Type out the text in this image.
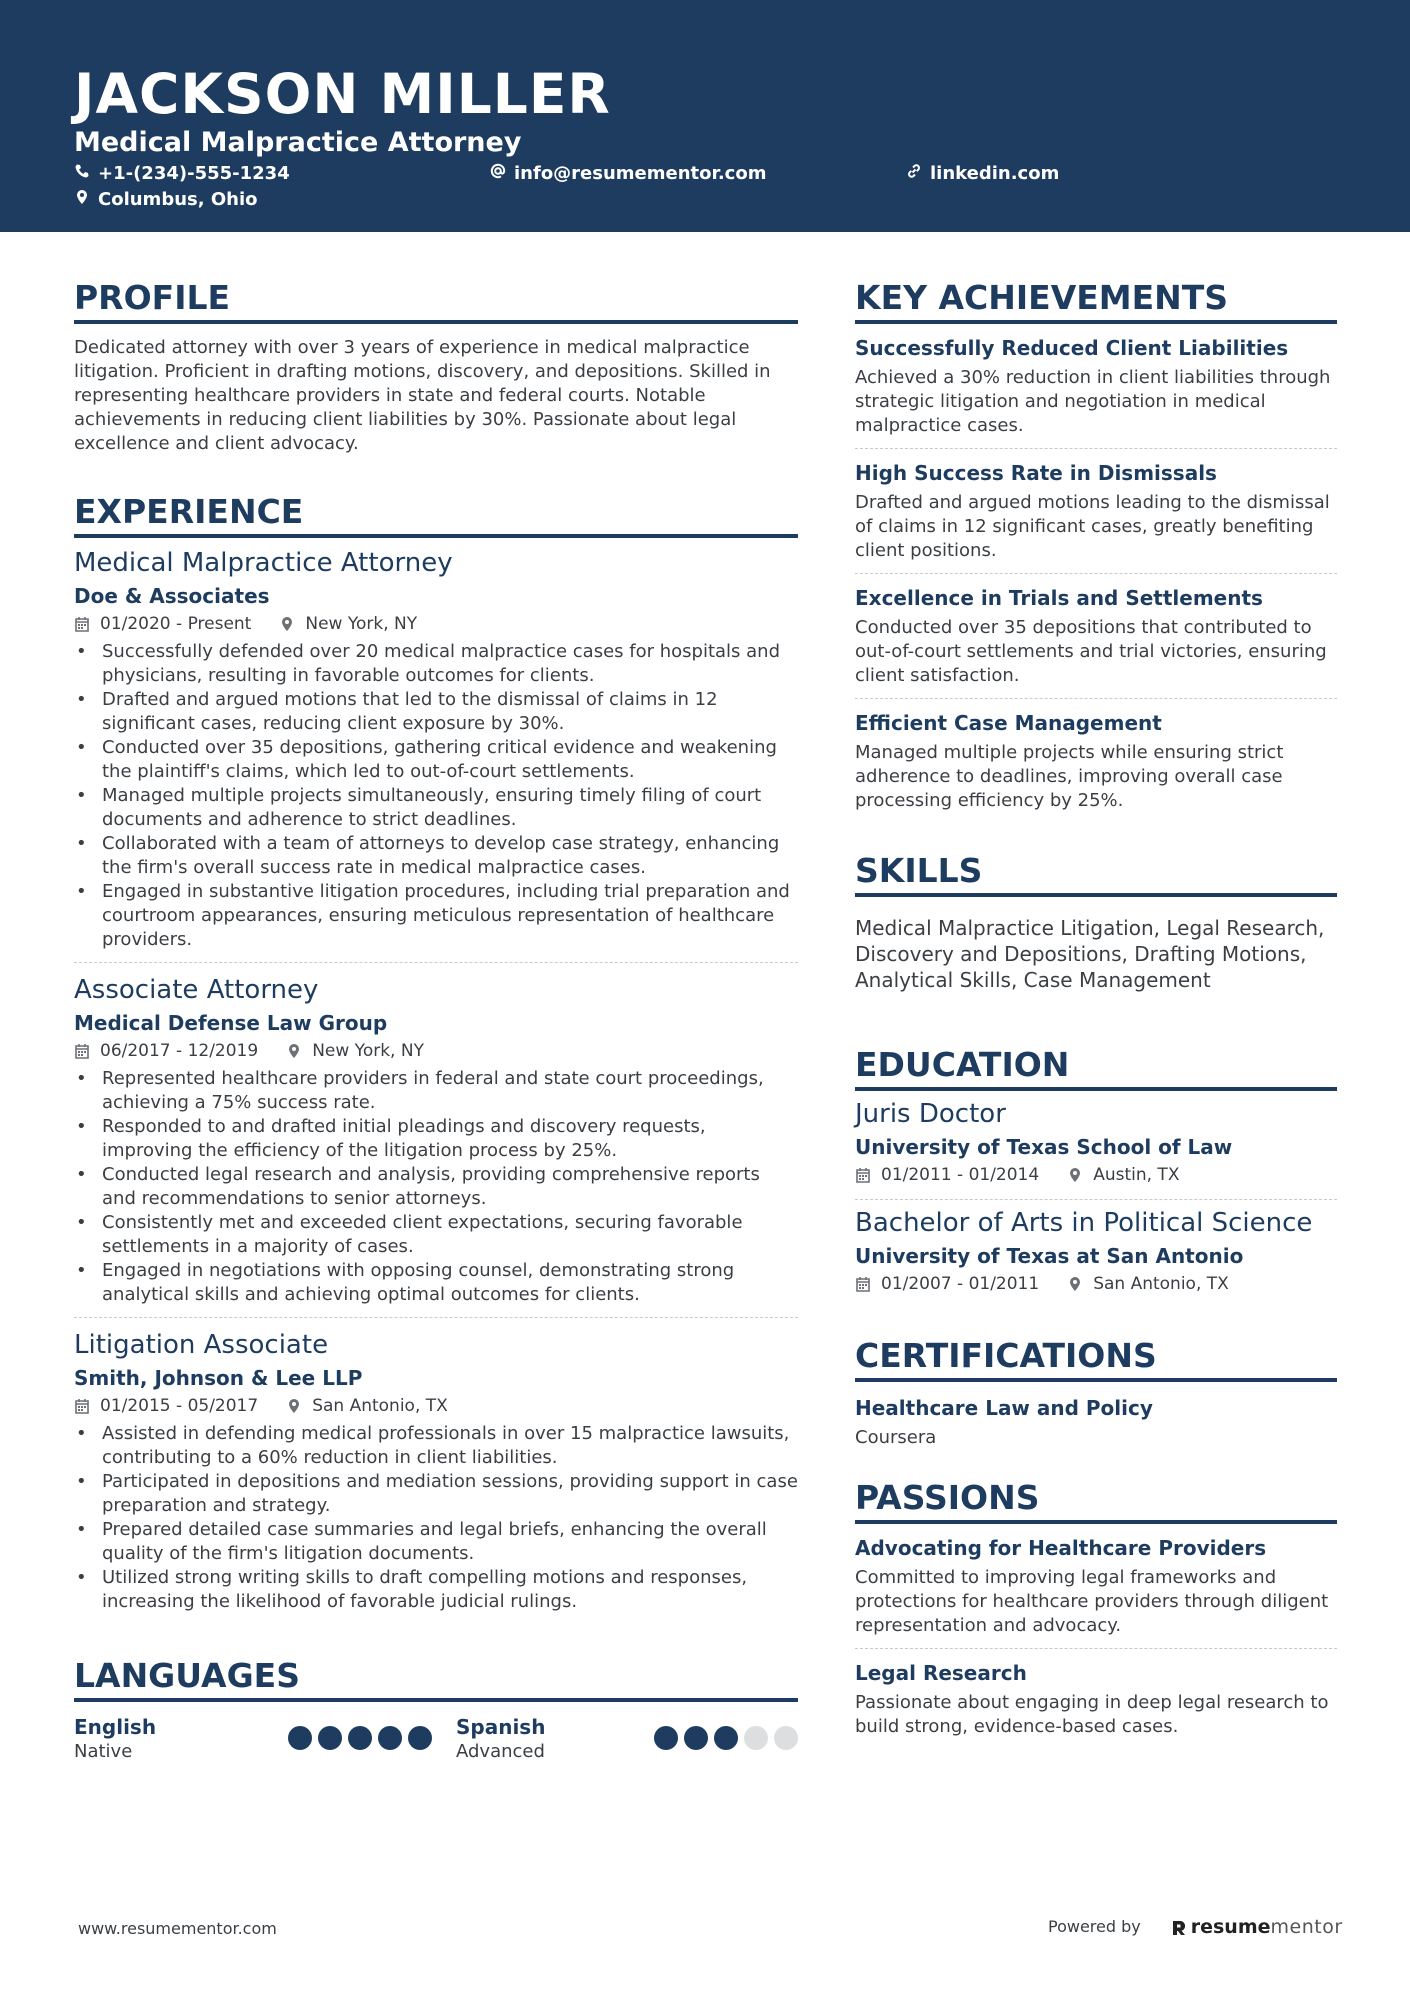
JACKSON MILLER
Medical Malpractice Attorney
+1-(234)-555-1234	info@resumementor.com	linkedin.com
Columbus, Ohio
PROFILE
Dedicated attorney with over 3 years of experience in medical malpractice litigation. Proficient in drafting motions, discovery, and depositions. Skilled in representing healthcare providers in state and federal courts. Notable achievements in reducing client liabilities by 30%. Passionate about legal excellence and client advocacy.
EXPERIENCE
Medical Malpractice Attorney
Doe & Associates
01/2020 - Present	New York, NY
• Successfully defended over 20 medical malpractice cases for hospitals and physicians, resulting in favorable outcomes for clients.
• Drafted and argued motions that led to the dismissal of claims in 12 significant cases, reducing client exposure by 30%.
• Conducted over 35 depositions, gathering critical evidence and weakening the plaintiff's claims, which led to out-of-court settlements.
• Managed multiple projects simultaneously, ensuring timely filing of court documents and adherence to strict deadlines.
• Collaborated with a team of attorneys to develop case strategy, enhancing the firm's overall success rate in medical malpractice cases.
• Engaged in substantive litigation procedures, including trial preparation and courtroom appearances, ensuring meticulous representation of healthcare providers.
Associate Attorney
Medical Defense Law Group
06/2017 - 12/2019	New York, NY
• Represented healthcare providers in federal and state court proceedings, achieving a 75% success rate.
• Responded to and drafted initial pleadings and discovery requests, improving the efficiency of the litigation process by 25%.
• Conducted legal research and analysis, providing comprehensive reports and recommendations to senior attorneys.
• Consistently met and exceeded client expectations, securing favorable settlements in a majority of cases.
• Engaged in negotiations with opposing counsel, demonstrating strong analytical skills and achieving optimal outcomes for clients.
Litigation Associate
Smith, Johnson & Lee LLP
01/2015 - 05/2017	San Antonio, TX
• Assisted in defending medical professionals in over 15 malpractice lawsuits, contributing to a 60% reduction in client liabilities.
• Participated in depositions and mediation sessions, providing support in case preparation and strategy.
• Prepared detailed case summaries and legal briefs, enhancing the overall quality of the firm's litigation documents.
• Utilized strong writing skills to draft compelling motions and responses, increasing the likelihood of favorable judicial rulings.
LANGUAGES
English
Native
Spanish
Advanced
KEY ACHIEVEMENTS
Successfully Reduced Client Liabilities
Achieved a 30% reduction in client liabilities through strategic litigation and negotiation in medical malpractice cases.
High Success Rate in Dismissals
Drafted and argued motions leading to the dismissal of claims in 12 significant cases, greatly benefiting client positions.
Excellence in Trials and Settlements
Conducted over 35 depositions that contributed to out-of-court settlements and trial victories, ensuring client satisfaction.
Efficient Case Management
Managed multiple projects while ensuring strict adherence to deadlines, improving overall case processing efficiency by 25%.
SKILLS
Medical Malpractice Litigation, Legal Research, Discovery and Depositions, Drafting Motions, Analytical Skills, Case Management
EDUCATION
Juris Doctor
University of Texas School of Law
01/2011 - 01/2014	Austin, TX
Bachelor of Arts in Political Science
University of Texas at San Antonio
01/2007 - 01/2011	San Antonio, TX
CERTIFICATIONS
Healthcare Law and Policy
Coursera
PASSIONS
Advocating for Healthcare Providers
Committed to improving legal frameworks and protections for healthcare providers through diligent representation and advocacy.
Legal Research
Passionate about engaging in deep legal research to build strong, evidence-based cases.
www.resumementor.com	Powered by	resume mentor
